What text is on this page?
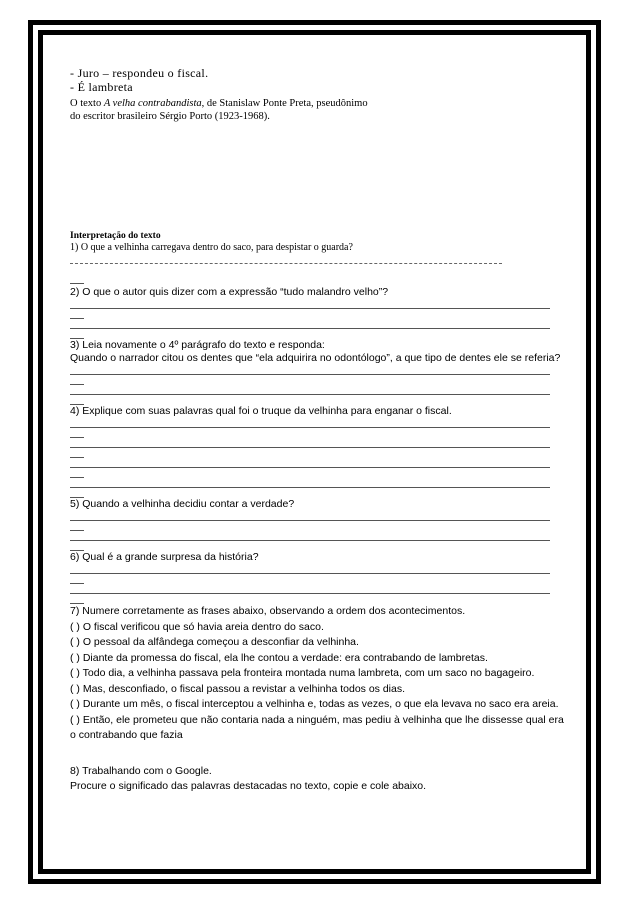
- Juro – respondeu o fiscal.
- É lambreta
O texto A velha contrabandista, de Stanislaw Ponte Preta, pseudônimo
do escritor brasileiro Sérgio Porto (1923-1968).
Interpretação do texto
1) O que a velhinha carregava dentro do saco, para despistar o guarda?
2) O que o autor quis dizer com a expressão “tudo malandro velho”?
3) Leia novamente o 4º parágrafo do texto e responda:
Quando o narrador citou os dentes que “ela adquirira no odontólogo”, a que tipo de dentes ele se referia?
4) Explique com suas palavras qual foi o truque da velhinha para enganar o fiscal.
5) Quando a velhinha decidiu contar a verdade?
6) Qual é a grande surpresa da história?
7) Numere corretamente as frases abaixo, observando a ordem dos acontecimentos.
( ) O fiscal verificou que só havia areia dentro do saco.
( ) O pessoal da alfândega começou a desconfiar da velhinha.
( ) Diante da promessa do fiscal, ela lhe contou a verdade: era contrabando de lambretas.
( ) Todo dia, a velhinha passava pela fronteira montada numa lambreta, com um saco no bagageiro.
( ) Mas, desconfiado, o fiscal passou a revistar a velhinha todos os dias.
( ) Durante um mês, o fiscal interceptou a velhinha e, todas as vezes, o que ela levava no saco era areia.
( ) Então, ele prometeu que não contaria nada a ninguém, mas pediu à velhinha que lhe dissesse qual era
o contrabando que fazia
8) Trabalhando com o Google.
Procure o significado das palavras destacadas no texto, copie e cole abaixo.
